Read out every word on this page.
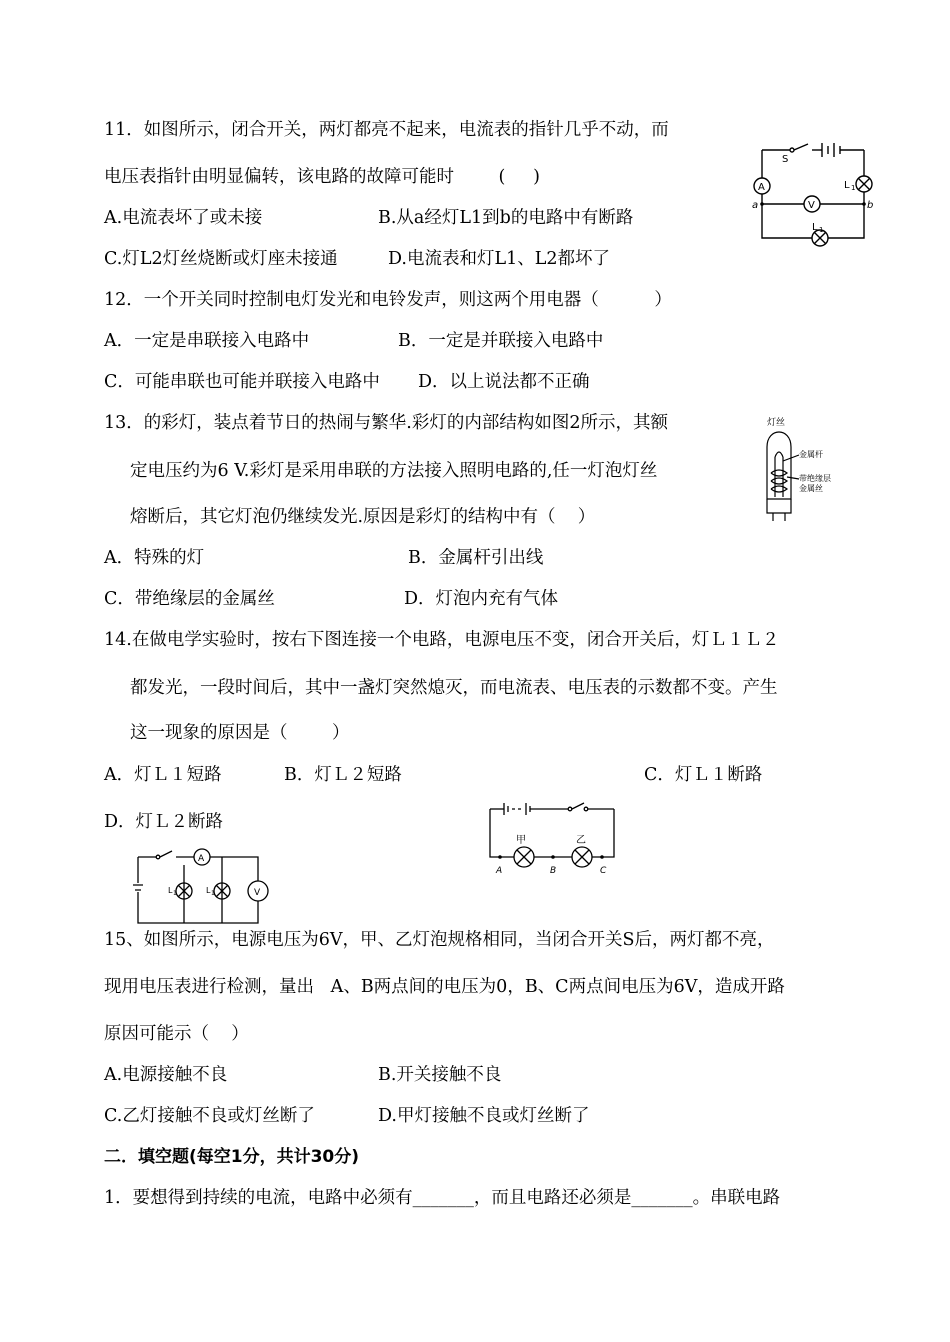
11．如图所示，闭合开关，两灯都亮不起来，电流表的指针几乎不动，而
电压表指针由明显偏转，该电路的故障可能时        (     )
A.电流表坏了或未接	B.从a经灯L1到b的电路中有断路
C.灯L2灯丝烧断或灯座未接通	D.电流表和灯L1、L2都坏了
S
A
V
L 1
L 1
a	b
12．一个开关同时控制电灯发光和电铃发声，则这两个用电器（          ）
A．一定是串联接入电路中	B．一定是并联接入电路中
C．可能串联也可能并联接入电路中 D．以上说法都不正确
13．的彩灯，装点着节日的热闹与繁华.彩灯的内部结构如图2所示，其额
定电压约为6 V.彩灯是采用串联的方法接入照明电路的,任一灯泡灯丝
熔断后，其它灯泡仍继续发光.原因是彩灯的结构中有（    ）
A．特殊的灯	B．金属杆引出线
C．带绝缘层的金属丝	D．灯泡内充有气体
灯丝
金属杆
带绝缘层
金属丝
14.在做电学实验时，按右下图连接一个电路，电源电压不变，闭合开关后，灯Ｌ１Ｌ２
都发光，一段时间后，其中一盏灯突然熄灭，而电流表、电压表的示数都不变。产生
这一现象的原因是（        ）
A．灯Ｌ１短路	B．灯Ｌ２短路	C．灯Ｌ１断路
D．灯Ｌ２断路
A
V
L 1	L 1
甲	乙
A	B	C
15、如图所示，电源电压为6V，甲、乙灯泡规格相同，当闭合开关S后，两灯都不亮，
现用电压表进行检测，量出   A、B两点间的电压为0，B、C两点间电压为6V，造成开路
原因可能示（    ）
A.电源接触不良	B.开关接触不良
C.乙灯接触不良或灯丝断了	D.甲灯接触不良或灯丝断了
二．填空题(每空1分，共计30分)
1．要想得到持续的电流，电路中必须有_______，而且电路还必须是_______。串联电路
